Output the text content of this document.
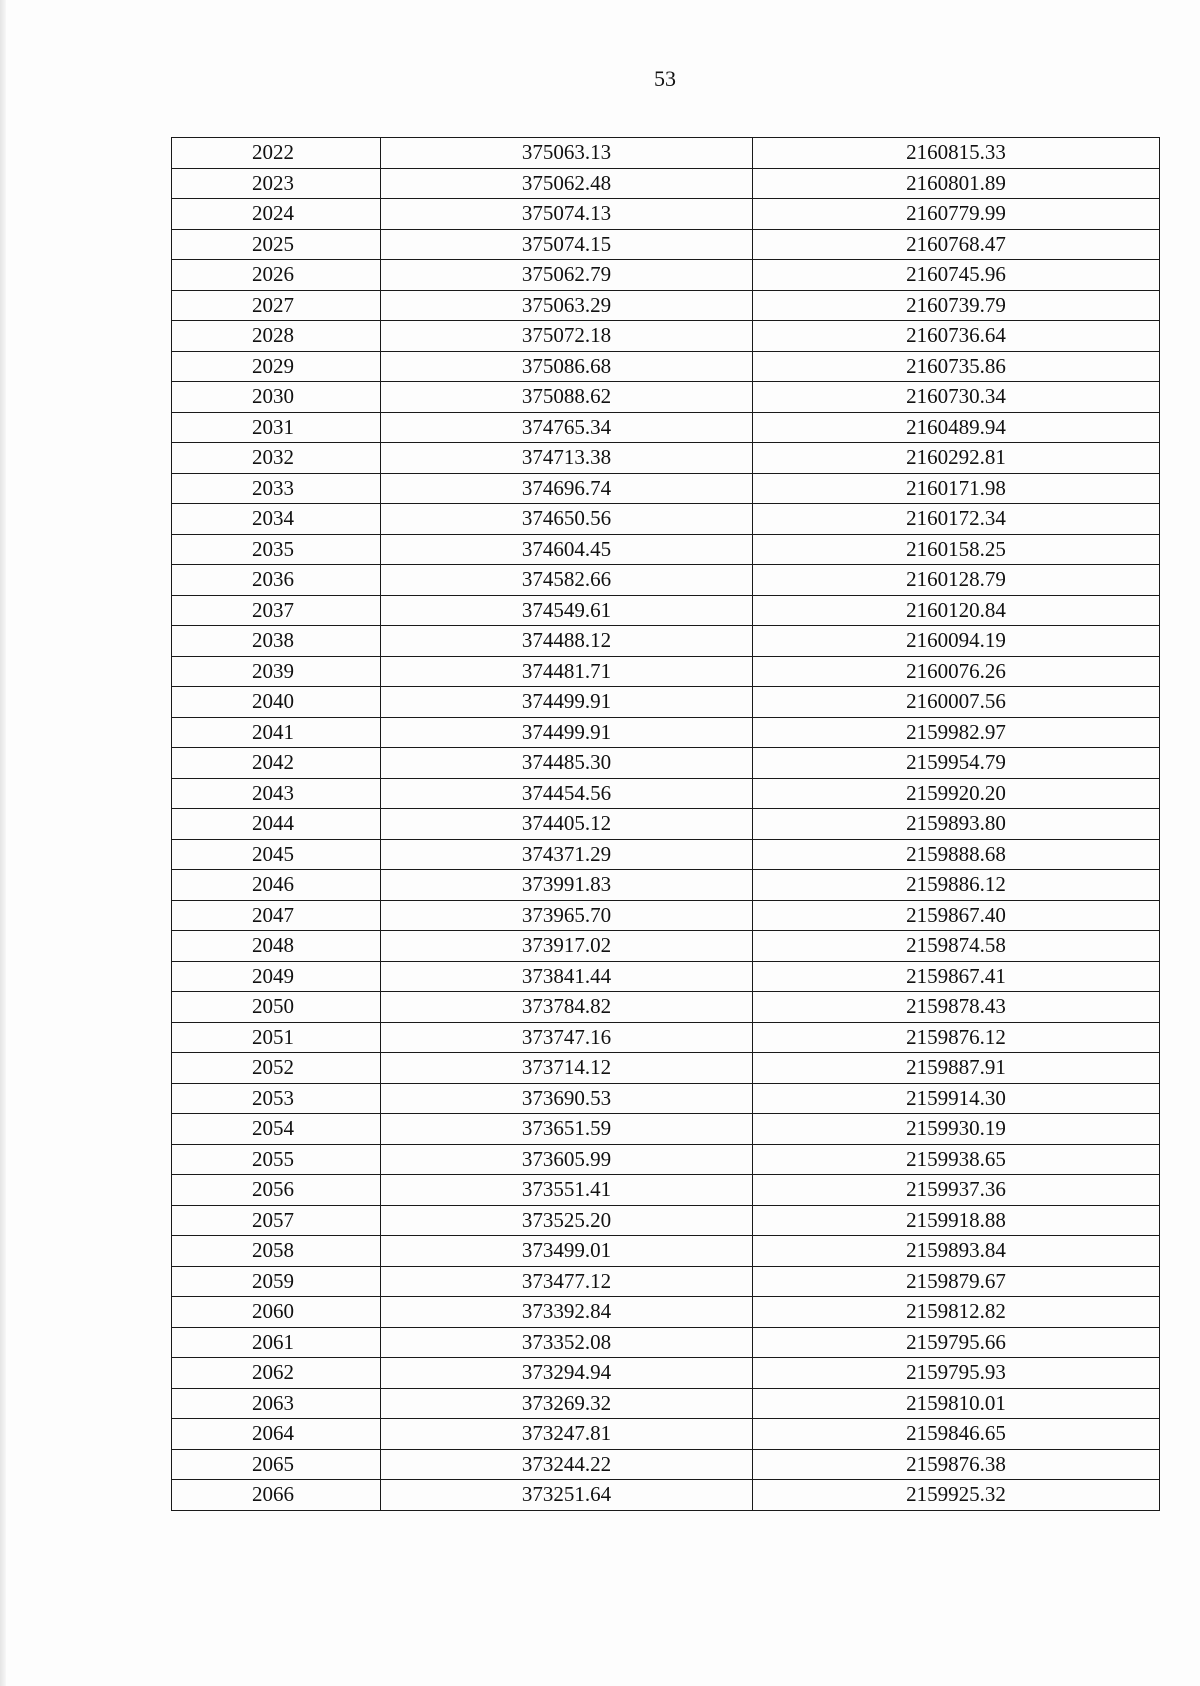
53
2022	375063.13	2160815.33
2023	375062.48	2160801.89
2024	375074.13	2160779.99
2025	375074.15	2160768.47
2026	375062.79	2160745.96
2027	375063.29	2160739.79
2028	375072.18	2160736.64
2029	375086.68	2160735.86
2030	375088.62	2160730.34
2031	374765.34	2160489.94
2032	374713.38	2160292.81
2033	374696.74	2160171.98
2034	374650.56	2160172.34
2035	374604.45	2160158.25
2036	374582.66	2160128.79
2037	374549.61	2160120.84
2038	374488.12	2160094.19
2039	374481.71	2160076.26
2040	374499.91	2160007.56
2041	374499.91	2159982.97
2042	374485.30	2159954.79
2043	374454.56	2159920.20
2044	374405.12	2159893.80
2045	374371.29	2159888.68
2046	373991.83	2159886.12
2047	373965.70	2159867.40
2048	373917.02	2159874.58
2049	373841.44	2159867.41
2050	373784.82	2159878.43
2051	373747.16	2159876.12
2052	373714.12	2159887.91
2053	373690.53	2159914.30
2054	373651.59	2159930.19
2055	373605.99	2159938.65
2056	373551.41	2159937.36
2057	373525.20	2159918.88
2058	373499.01	2159893.84
2059	373477.12	2159879.67
2060	373392.84	2159812.82
2061	373352.08	2159795.66
2062	373294.94	2159795.93
2063	373269.32	2159810.01
2064	373247.81	2159846.65
2065	373244.22	2159876.38
2066	373251.64	2159925.32
